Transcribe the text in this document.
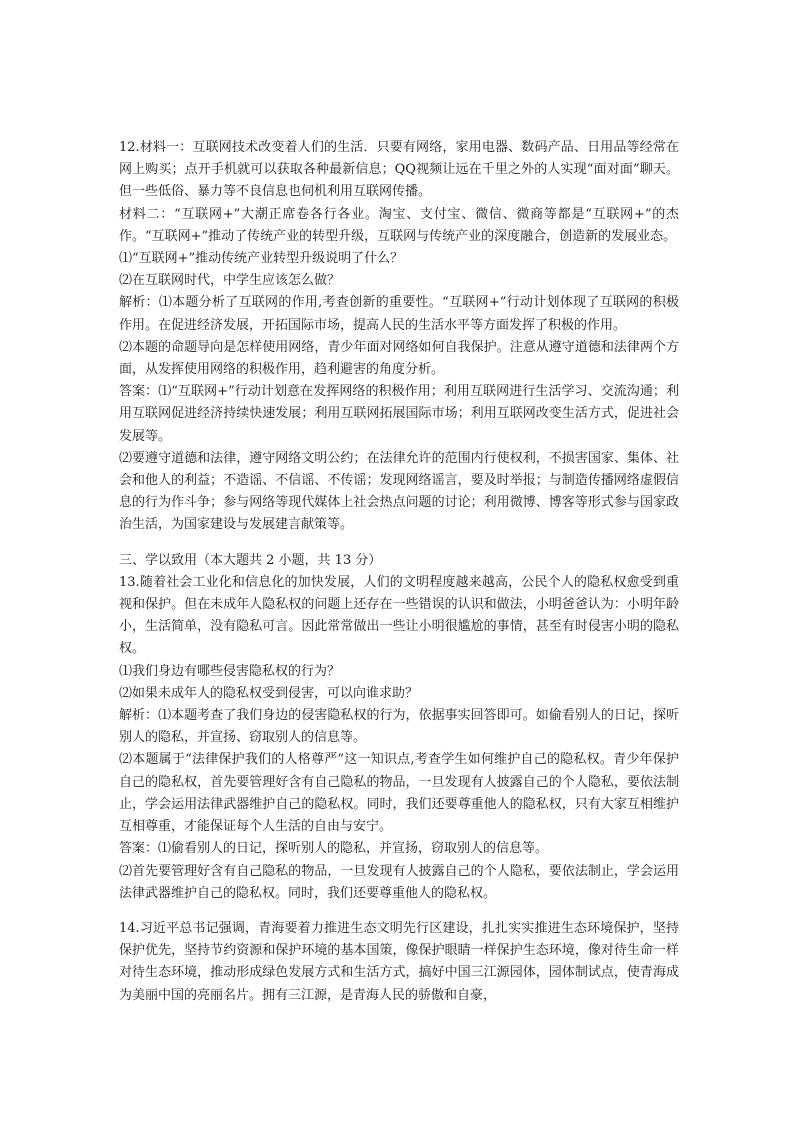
12.材料一：互联网技术改变着人们的生活．只要有网络，家用电器、数码产品、日用品等经常在网上购买；点开手机就可以获取各种最新信息；QQ视频让远在千里之外的人实现“面对面”聊天。但一些低俗、暴力等不良信息也伺机利用互联网传播。

材料二：“互联网+”大潮正席卷各行各业。淘宝、支付宝、微信、微商等都是“互联网+”的杰作。“互联网+”推动了传统产业的转型升级，互联网与传统产业的深度融合，创造新的发展业态。

⑴“互联网+”推动传统产业转型升级说明了什么？

⑵在互联网时代，中学生应该怎么做？

解析：⑴本题分析了互联网的作用,考查创新的重要性。“互联网+”行动计划体现了互联网的积极作用。在促进经济发展，开拓国际市场，提高人民的生活水平等方面发挥了积极的作用。

⑵本题的命题导向是怎样使用网络，青少年面对网络如何自我保护。注意从遵守道德和法律两个方面，从发挥使用网络的积极作用，趋利避害的角度分析。

答案：⑴“互联网+”行动计划意在发挥网络的积极作用；利用互联网进行生活学习、交流沟通；利用互联网促进经济持续快速发展；利用互联网拓展国际市场；利用互联网改变生活方式，促进社会发展等。

⑵要遵守道德和法律，遵守网络文明公约；在法律允许的范围内行使权利，不损害国家、集体、社会和他人的利益；不造谣、不信谣、不传谣；发现网络谣言，要及时举报；与制造传播网络虚假信息的行为作斗争；参与网络等现代媒体上社会热点问题的讨论；利用微博、博客等形式参与国家政治生活，为国家建设与发展建言献策等。

三、学以致用（本大题共 2 小题，共 13 分）

13.随着社会工业化和信息化的加快发展，人们的文明程度越来越高，公民个人的隐私权愈受到重视和保护。但在未成年人隐私权的问题上还存在一些错误的认识和做法，小明爸爸认为：小明年龄小，生活简单，没有隐私可言。因此常常做出一些让小明很尴尬的事情，甚至有时侵害小明的隐私权。

⑴我们身边有哪些侵害隐私权的行为？

⑵如果未成年人的隐私权受到侵害，可以向谁求助？

解析：⑴本题考查了我们身边的侵害隐私权的行为，依据事实回答即可。如偷看别人的日记，探听别人的隐私，并宣扬、窃取别人的信息等。

⑵本题属于“法律保护我们的人格尊严”这一知识点,考查学生如何维护自己的隐私权。青少年保护自己的隐私权，首先要管理好含有自己隐私的物品，一旦发现有人披露自己的个人隐私，要依法制止，学会运用法律武器维护自己的隐私权。同时，我们还要尊重他人的隐私权，只有大家互相维护互相尊重，才能保证每个人生活的自由与安宁。

答案：⑴偷看别人的日记，探听别人的隐私，并宣扬，窃取别人的信息等。

⑵首先要管理好含有自己隐私的物品，一旦发现有人披露自己的个人隐私，要依法制止，学会运用法律武器维护自己的隐私权。同时，我们还要尊重他人的隐私权。

14.习近平总书记强调，青海要着力推进生态文明先行区建设，扎扎实实推进生态环境保护，坚持保护优先，坚持节约资源和保护环境的基本国策，像保护眼睛一样保护生态环境，像对待生命一样对待生态环境，推动形成绿色发展方式和生活方式，搞好中国三江源园体，园体制试点，使青海成为美丽中国的亮丽名片。拥有三江源，是青海人民的骄傲和自豪，
